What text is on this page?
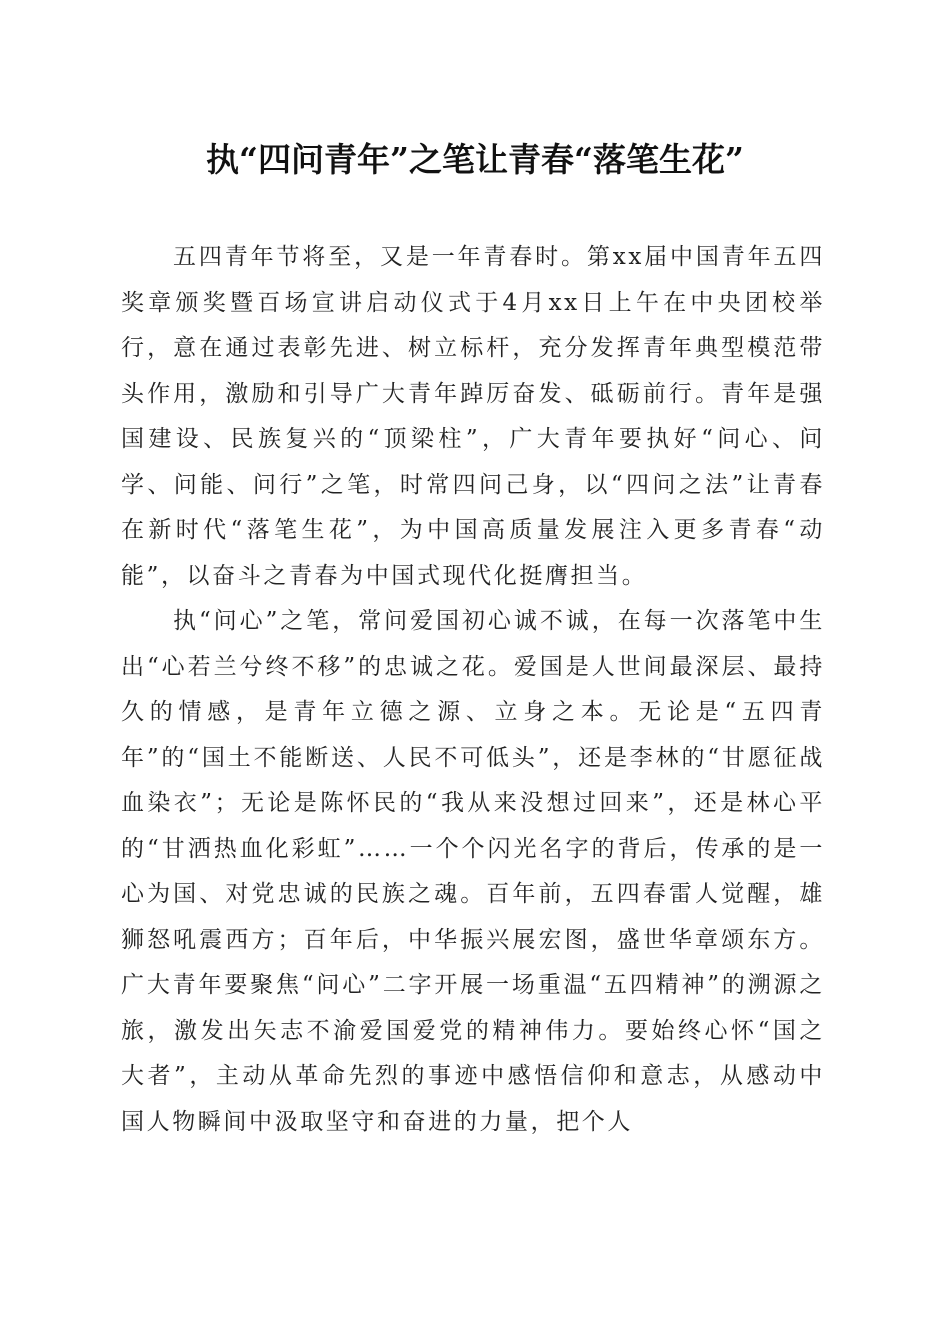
执“四问青年”之笔让青春“落笔生花”

五四青年节将至，又是一年青春时。第xx届中国青年五四奖章颁奖暨百场宣讲启动仪式于4月xx日上午在中央团校举行，意在通过表彰先进、树立标杆，充分发挥青年典型模范带头作用，激励和引导广大青年踔厉奋发、砥砺前行。青年是强国建设、民族复兴的“顶梁柱”，广大青年要执好“问心、问学、问能、问行”之笔，时常四问己身，以“四问之法”让青春在新时代“落笔生花”，为中国高质量发展注入更多青春“动能”，以奋斗之青春为中国式现代化挺膺担当。

执“问心”之笔，常问爱国初心诚不诚，在每一次落笔中生出“心若兰兮终不移”的忠诚之花。爱国是人世间最深层、最持久的情感，是青年立德之源、立身之本。无论是“五四青年”的“国土不能断送、人民不可低头”，还是李林的“甘愿征战血染衣”；无论是陈怀民的“我从来没想过回来”，还是林心平的“甘洒热血化彩虹”……一个个闪光名字的背后，传承的是一心为国、对党忠诚的民族之魂。百年前，五四春雷人觉醒，雄狮怒吼震西方；百年后，中华振兴展宏图，盛世华章颂东方。广大青年要聚焦“问心”二字开展一场重温“五四精神”的溯源之旅，激发出矢志不渝爱国爱党的精神伟力。要始终心怀“国之大者”，主动从革命先烈的事迹中感悟信仰和意志，从感动中国人物瞬间中汲取坚守和奋进的力量，把个人
